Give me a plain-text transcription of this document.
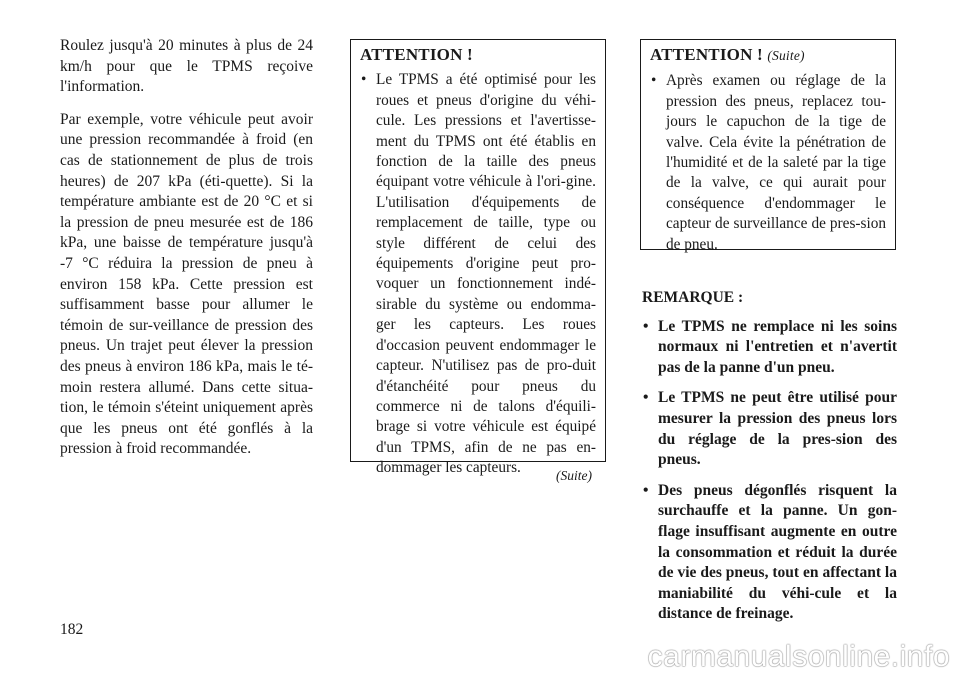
Roulez jusqu'à 20 minutes à plus de 24 km/h pour que le TPMS reçoive l'information.

Par exemple, votre véhicule peut avoir une pression recommandée à froid (en cas de stationnement de plus de trois heures) de 207 kPa (éti-quette). Si la température ambiante est de 20 °C et si la pression de pneu mesurée est de 186 kPa, une baisse de température jusqu'à -7 °C réduira la pression de pneu à environ 158 kPa. Cette pression est suffisamment basse pour allumer le témoin de sur-veillance de pression des pneus. Un trajet peut élever la pression des pneus à environ 186 kPa, mais le té-moin restera allumé. Dans cette situa-tion, le témoin s'éteint uniquement après que les pneus ont été gonflés à la pression à froid recommandée.

ATTENTION !
• Le TPMS a été optimisé pour les roues et pneus d'origine du véhi-cule. Les pressions et l'avertisse-ment du TPMS ont été établis en fonction de la taille des pneus équipant votre véhicule à l'ori-gine. L'utilisation d'équipements de remplacement de taille, type ou style différent de celui des équipements d'origine peut pro-voquer un fonctionnement indé-sirable du système ou endomma-ger les capteurs. Les roues d'occasion peuvent endommager le capteur. N'utilisez pas de pro-duit d'étanchéité pour pneus du commerce ni de talons d'équili-brage si votre véhicule est équipé d'un TPMS, afin de ne pas en-dommager les capteurs.	(Suite)
ATTENTION ! (Suite)
• Après examen ou réglage de la pression des pneus, replacez tou-jours le capuchon de la tige de valve. Cela évite la pénétration de l'humidité et de la saleté par la tige de la valve, ce qui aurait pour conséquence d'endommager le capteur de surveillance de pres-sion de pneu.
REMARQUE :
• Le TPMS ne remplace ni les soins normaux ni l'entretien et n'avertit pas de la panne d'un pneu.
• Le TPMS ne peut être utilisé pour mesurer la pression des pneus lors du réglage de la pres-sion des pneus.
• Des pneus dégonflés risquent la surchauffe et la panne. Un gon-flage insuffisant augmente en outre la consommation et réduit la durée de vie des pneus, tout en affectant la maniabilité du véhi-cule et la distance de freinage.
182
carmanualsonline.info
